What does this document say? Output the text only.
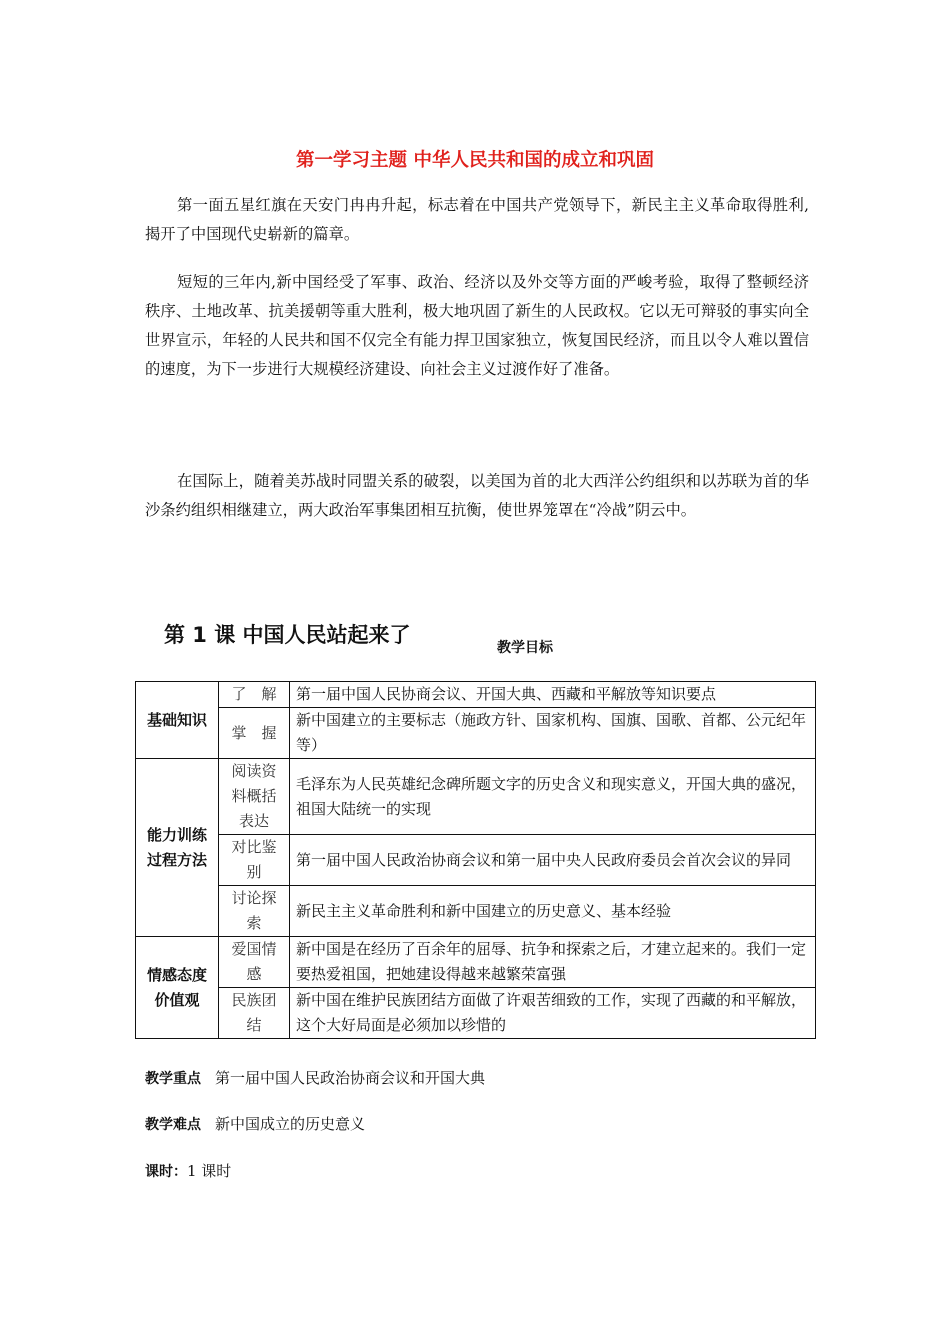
第一学习主题 中华人民共和国的成立和巩固

第一面五星红旗在天安门冉冉升起，标志着在中国共产党领导下，新民主主义革命取得胜利,揭开了中国现代史崭新的篇章。

短短的三年内,新中国经受了军事、政治、经济以及外交等方面的严峻考验，取得了整顿经济秩序、土地改革、抗美援朝等重大胜利，极大地巩固了新生的人民政权。它以无可辩驳的事实向全世界宣示，年轻的人民共和国不仅完全有能力捍卫国家独立，恢复国民经济，而且以令人难以置信的速度，为下一步进行大规模经济建设、向社会主义过渡作好了准备。

在国际上，随着美苏战时同盟关系的破裂，以美国为首的北大西洋公约组织和以苏联为首的华沙条约组织相继建立，两大政治军事集团相互抗衡，使世界笼罩在“冷战”阴云中。

第 1 课 中国人民站起来了
教学目标
基础知识	了　解	第一届中国人民协商会议、开国大典、西藏和平解放等知识要点
	掌　握	新中国建立的主要标志（施政方针、国家机构、国旗、国歌、首都、公元纪年等）
能力训练过程方法	阅读资料概括表达	毛泽东为人民英雄纪念碑所题文字的历史含义和现实意义，开国大典的盛况，祖国大陆统一的实现
	对比鉴别	第一届中国人民政治协商会议和第一届中央人民政府委员会首次会议的异同
	讨论探索	新民主主义革命胜利和新中国建立的历史意义、基本经验
情感态度价值观	爱国情感	新中国是在经历了百余年的屈辱、抗争和探索之后，才建立起来的。我们一定要热爱祖国，把她建设得越来越繁荣富强
	民族团结	新中国在维护民族团结方面做了许艰苦细致的工作，实现了西藏的和平解放，这个大好局面是必须加以珍惜的
教学重点 第一届中国人民政治协商会议和开国大典
教学难点 新中国成立的历史意义
课时：1 课时
